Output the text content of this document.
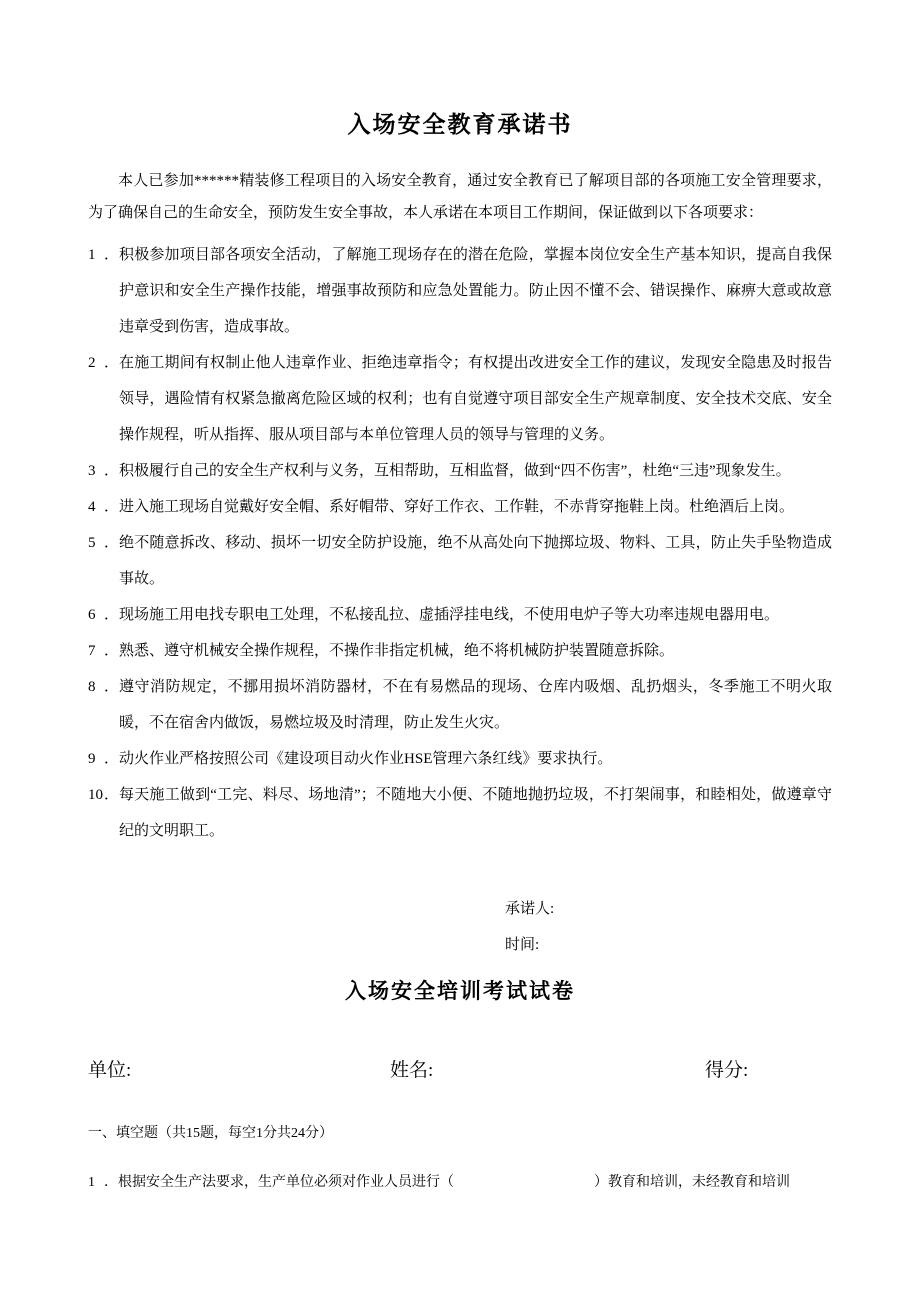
入场安全教育承诺书

本人已参加******精装修工程项目的入场安全教育，通过安全教育已了解项目部的各项施工安全管理要求，为了确保自己的生命安全，预防发生安全事故，本人承诺在本项目工作期间，保证做到以下各项要求：

1 ． 积极参加项目部各项安全活动，了解施工现场存在的潜在危险，掌握本岗位安全生产基本知识，提高自我保护意识和安全生产操作技能，增强事故预防和应急处置能力。防止因不懂不会、错误操作、麻痹大意或故意违章受到伤害，造成事故。
2 ． 在施工期间有权制止他人违章作业、拒绝违章指令；有权提出改进安全工作的建议，发现安全隐患及时报告领导，遇险情有权紧急撤离危险区域的权利；也有自觉遵守项目部安全生产规章制度、安全技术交底、安全操作规程，听从指挥、服从项目部与本单位管理人员的领导与管理的义务。
3 ． 积极履行自己的安全生产权利与义务，互相帮助，互相监督，做到“四不伤害”，杜绝“三违”现象发生。
4 ． 进入施工现场自觉戴好安全帽、系好帽带、穿好工作衣、工作鞋，不赤背穿拖鞋上岗。杜绝酒后上岗。
5 ． 绝不随意拆改、移动、损坏一切安全防护设施，绝不从高处向下抛掷垃圾、物料、工具，防止失手坠物造成事故。
6 ． 现场施工用电找专职电工处理，不私接乱拉、虚插浮挂电线，不使用电炉子等大功率违规电器用电。
7 ． 熟悉、遵守机械安全操作规程，不操作非指定机械，绝不将机械防护装置随意拆除。
8 ． 遵守消防规定，不挪用损坏消防器材，不在有易燃品的现场、仓库内吸烟、乱扔烟头，冬季施工不明火取暖，不在宿舍内做饭，易燃垃圾及时清理，防止发生火灾。
9 ． 动火作业严格按照公司《建设项目动火作业HSE管理六条红线》要求执行。
10 ． 每天施工做到“工完、料尽、场地清”；不随地大小便、不随地抛扔垃圾，不打架闹事，和睦相处，做遵章守纪的文明职工。
承诺人:
时间:
入场安全培训考试试卷
单位:	姓名:	得分:
一、填空题（共15题，每空1分共24分）
1 ． 根据安全生产法要求，生产单位必须对作业人员进行（	）教育和培训，未经教育和培训
